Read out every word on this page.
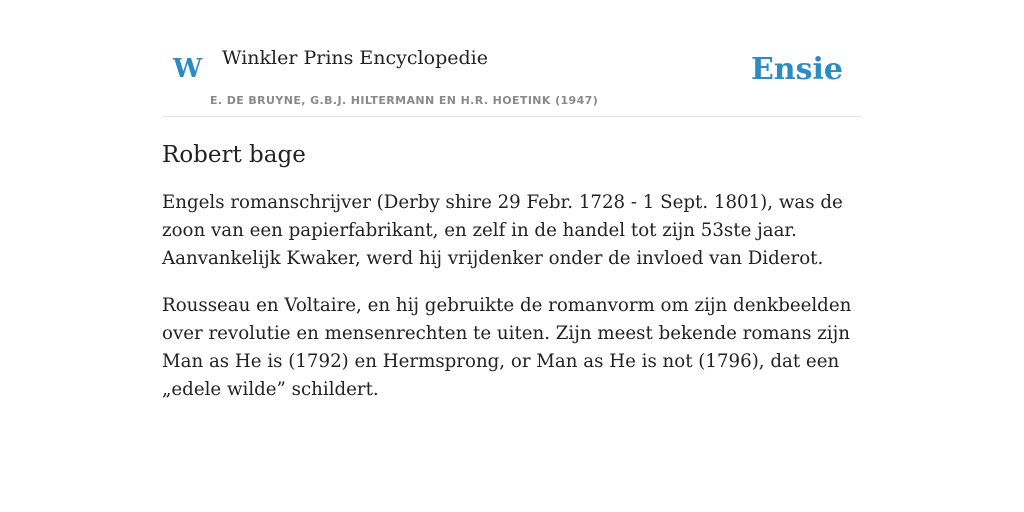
W Winkler Prins Encyclopedie
E. DE BRUYNE, G.B.J. HILTERMANN EN H.R. HOETINK (1947)
Ensie
Robert bage

Engels romanschrijver (Derby shire 29 Febr. 1728 - 1 Sept. 1801), was de zoon van een papierfabrikant, en zelf in de handel tot zijn 53ste jaar. Aanvankelijk Kwaker, werd hij vrijdenker onder de invloed van Diderot.

Rousseau en Voltaire, en hij gebruikte de romanvorm om zijn denkbeelden over revolutie en mensenrechten te uiten. Zijn meest bekende romans zijn Man as He is (1792) en Hermsprong, or Man as He is not (1796), dat een „edele wilde” schildert.
